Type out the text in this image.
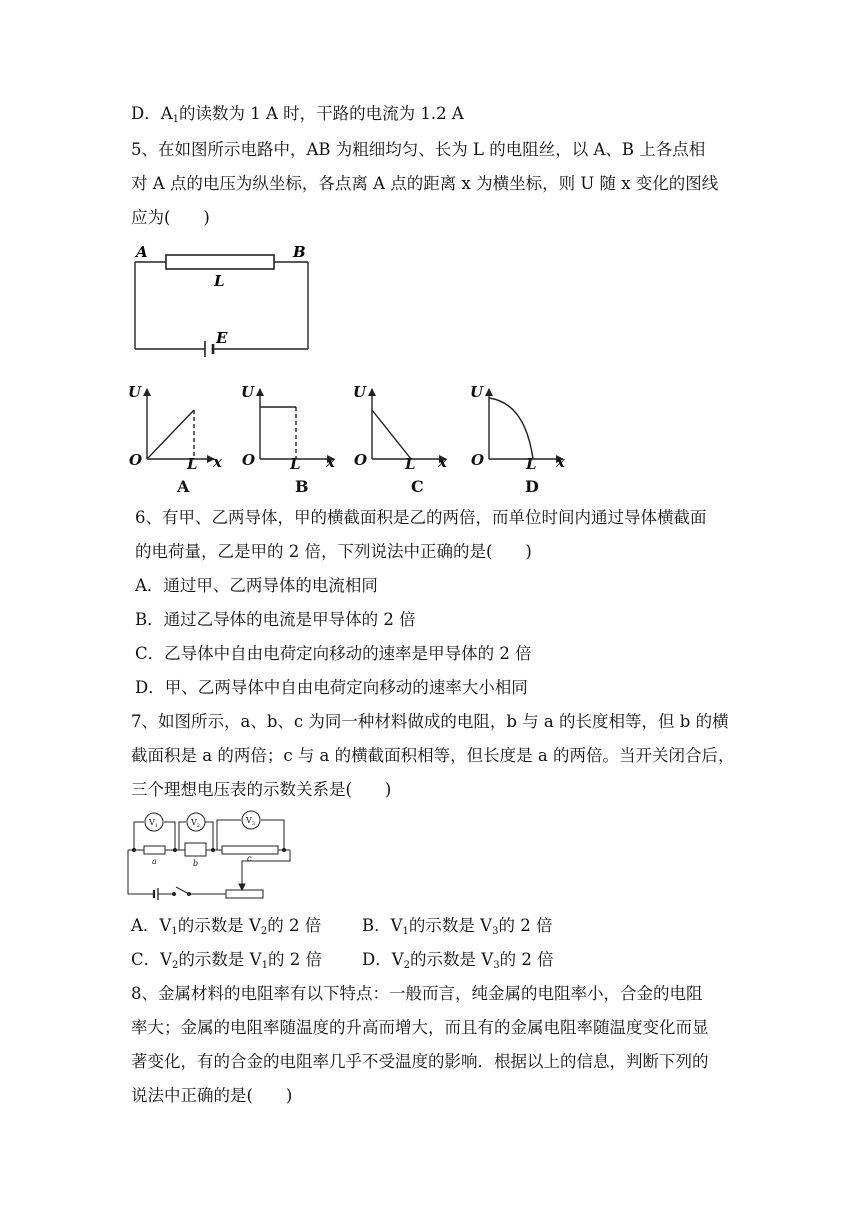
D．$A_1$的读数为 1 A 时，干路的电流为 1.2 A
5、在如图所示电路中，AB 为粗细均匀、长为 L 的电阻丝，以 A、B 上各点相
对 A 点的电压为纵坐标，各点离 A 点的距离 x 为横坐标，则 U 随 x 变化的图线
应为(　　)
A	B
L
E
U
O	L x
U
O L x
U
O	L x
U
O	L x
A	B	C	D
6、有甲、乙两导体，甲的横截面积是乙的两倍，而单位时间内通过导体横截面
的电荷量，乙是甲的 2 倍，下列说法中正确的是(　　)
A．通过甲、乙两导体的电流相同
B．通过乙导体的电流是甲导体的 2 倍
C．乙导体中自由电荷定向移动的速率是甲导体的 2 倍
D．甲、乙两导体中自由电荷定向移动的速率大小相同
7、如图所示，a、b、c 为同一种材料做成的电阻，b 与 a 的长度相等，但 b 的横
截面积是 a 的两倍；c 与 a 的横截面积相等，但长度是 a 的两倍。当开关闭合后，
三个理想电压表的示数关系是(　　)
$V_1$	$V_2$
$V_3$
a	b
c
A．$V_1$的示数是 $V_2$的 2 倍 B．$V_1$的示数是 $V_3$的 2 倍
C．$V_2$的示数是 $V_1$的 2 倍 D．$V_2$的示数是 $V_3$的 2 倍
8、金属材料的电阻率有以下特点：一般而言，纯金属的电阻率小，合金的电阻
率大；金属的电阻率随温度的升高而增大，而且有的金属电阻率随温度变化而显
著变化，有的合金的电阻率几乎不受温度的影响．根据以上的信息，判断下列的
说法中正确的是(　　)
